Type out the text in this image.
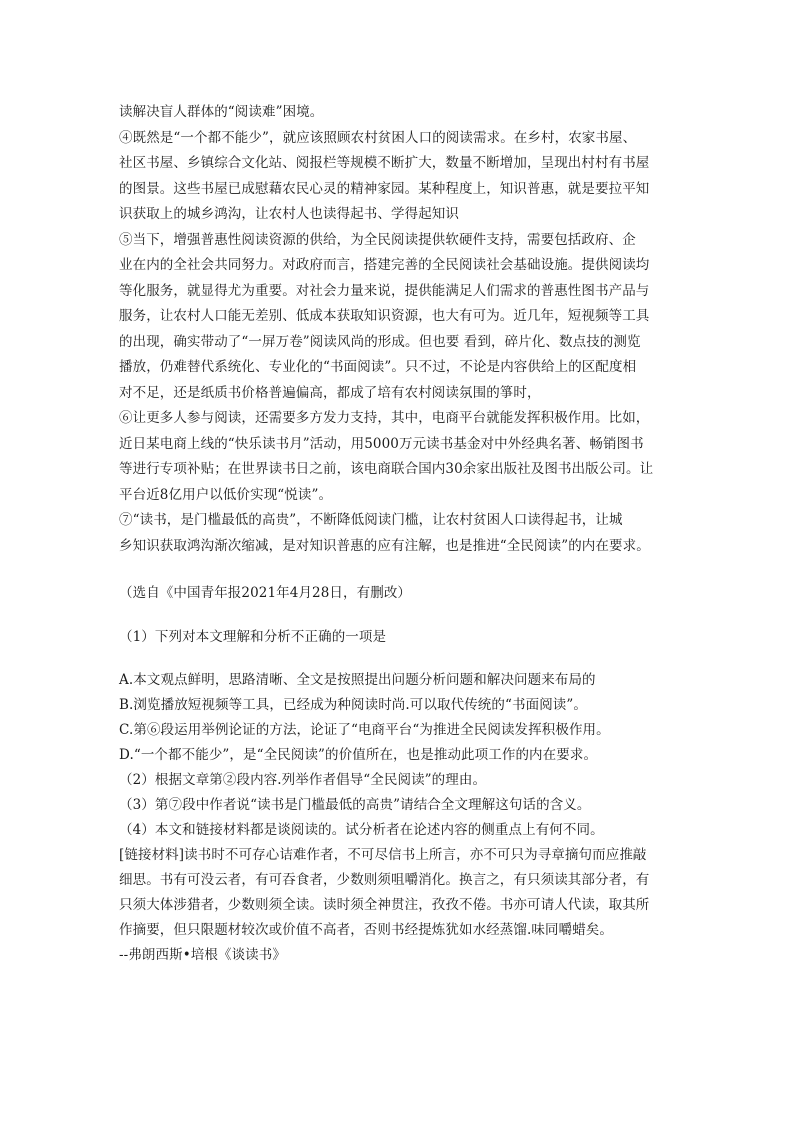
读解决盲人群体的“阅读难”困境。
④既然是“一个都不能少”，就应该照顾农村贫困人口的阅读需求。在乡村，农家书屋、
社区书屋、乡镇综合文化站、阅报栏等规模不断扩大，数量不断增加，呈现出村村有书屋
的图景。这些书屋已成慰藉农民心灵的精神家园。某种程度上，知识普惠，就是要拉平知
识获取上的城乡鸿沟，让农村人也读得起书、学得起知识
⑤当下，增强普惠性阅读资源的供给，为全民阅读提供软硬件支持，需要包括政府、企
业在内的全社会共同努力。对政府而言，搭建完善的全民阅读社会基础设施。提供阅读均
等化服务，就显得尤为重要。对社会力量来说，提供能满足人们需求的普惠性图书产品与
服务，让农村人口能无差别、低成本获取知识资源，也大有可为。近几年，短视频等工具
的出现，确实带动了“一屏万卷”阅读风尚的形成。但也要 看到，碎片化、数点技的测览
播放，仍难替代系统化、专业化的“书面阅读”。只不过，不论是内容供给上的区配度相
对不足，还是纸质书价格普遍偏高，都成了培有农村阅读氛围的箏时，
⑥让更多人参与阅读，还需要多方发力支持，其中，电商平台就能发挥积极作用。比如，
近日某电商上线的“快乐读书月”活动，用5000万元读书基金对中外经典名著、畅销图书
等进行专项补贴；在世界读书日之前，该电商联合国内30余家出版社及图书出版公司。让
平台近8亿用户以低价实现“悦读”。
⑦“读书，是门槛最低的高贵”，不断降低阅读门槛，让农村贫困人口读得起书，让城
乡知识获取鸿沟渐次缩减，是对知识普惠的应有注解，也是推进“全民阅读”的内在要求。
（选自《中国青年报2021年4月28日，有删改）
（1）下列对本文理解和分析不正确的一项是
A.本文观点鲜明，思路清晰、全文是按照提出问题分析问题和解决问题来布局的
B.浏览播放短视频等工具，已经成为种阅读时尚.可以取代传统的“书面阅读”。
C.第⑥段运用举例论证的方法，论证了“电商平台“为推进全民阅读发挥积极作用。
D.“一个都不能少”，是“全民阅读”的价值所在，也是推动此项工作的内在要求。
（2）根据文章第②段内容.列举作者倡导“全民阅读”的理由。
（3）第⑦段中作者说“读书是门槛最低的高贵”请结合全文理解这句话的含义。
（4）本文和链接材料都是谈阅读的。试分析者在论述内容的侧重点上有何不同。
[链接材料]读书时不可存心诘难作者，不可尽信书上所言，亦不可只为寻章摘句而应推敲
细思。书有可没云者，有可吞食者，少数则须咀嚼消化。换言之，有只须读其部分者，有
只须大体涉猎者，少数则须全读。读时须全神贯注，孜孜不倦。书亦可请人代读，取其所
作摘要，但只限题材较次或价值不高者，否则书经提炼犹如水经蒸馏.味同嚼蜡矣。
--弗朗西斯•培根《谈读书》
